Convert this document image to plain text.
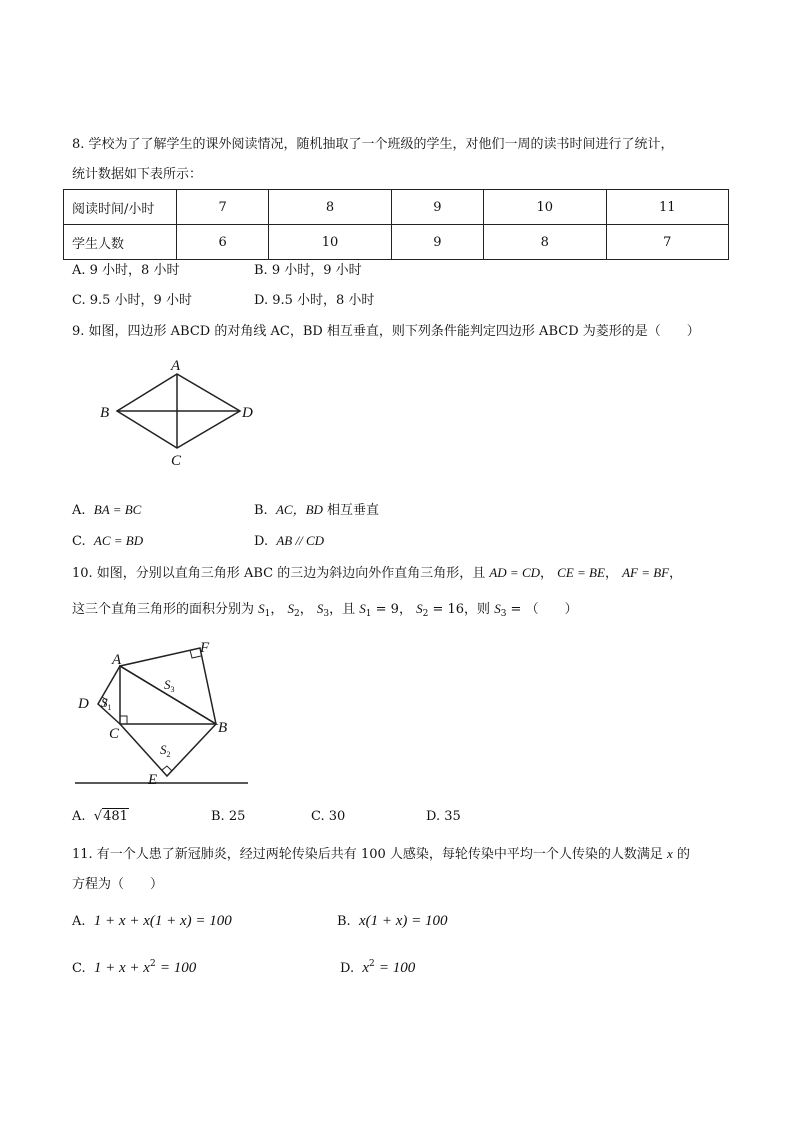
8. 学校为了了解学生的课外阅读情况，随机抽取了一个班级的学生，对他们一周的读书时间进行了统计，
统计数据如下表所示：
阅读时间/小时	7	8	9	10	11
学生人数	6	10	9	8	7
A. 9 小时，8 小时	B. 9 小时，9 小时
C. 9.5 小时，9 小时	D. 9.5 小时，8 小时
9. 如图，四边形 ABCD 的对角线 AC，BD 相互垂直，则下列条件能判定四边形 ABCD 为菱形的是（　　）
A
B
C
D
A. BA = BC	B. AC，BD 相互垂直
C. AC = BD	D. AB // CD
10. 如图，分别以直角三角形 ABC 的三边为斜边向外作直角三角形，且 AD = CD， CE = BE， AF = BF，
这三个直角三角形的面积分别为 $S_1$， $S_2$， $S_3$，且 $S_1 = 9$， $S_2 = 16$，则 $S_3$ = （　　）
A
B
C
D
E
F
$S_1$
$S_3$
$S_2$
A. √481	B. 25	C. 30	D. 35
11. 有一个人患了新冠肺炎，经过两轮传染后共有 100 人感染，每轮传染中平均一个人传染的人数满足 x 的
方程为（　　）
A. 1 + x + x(1 + x) = 100	B. x(1 + x) = 100
C. $1 + x + x^2 = 100$	D. $x^2 = 100$
